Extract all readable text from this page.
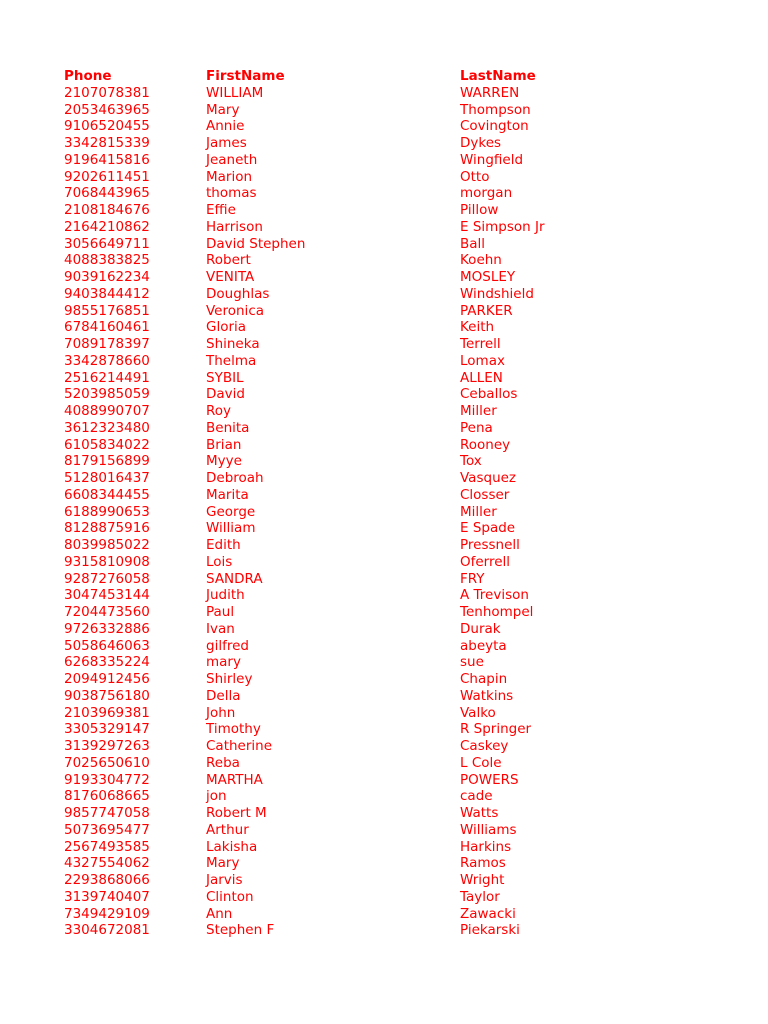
Phone	FirstName	LastName
2107078381	WILLIAM	WARREN
2053463965	Mary	Thompson
9106520455	Annie	Covington
3342815339	James	Dykes
9196415816	Jeaneth	Wingfield
9202611451	Marion	Otto
7068443965	thomas	morgan
2108184676	Effie	Pillow
2164210862	Harrison	E Simpson Jr
3056649711	David Stephen	Ball
4088383825	Robert	Koehn
9039162234	VENITA	MOSLEY
9403844412	Doughlas	Windshield
9855176851	Veronica	PARKER
6784160461	Gloria	Keith
7089178397	Shineka	Terrell
3342878660	Thelma	Lomax
2516214491	SYBIL	ALLEN
5203985059	David	Ceballos
4088990707	Roy	Miller
3612323480	Benita	Pena
6105834022	Brian	Rooney
8179156899	Myye	Tox
5128016437	Debroah	Vasquez
6608344455	Marita	Closser
6188990653	George	Miller
8128875916	William	E Spade
8039985022	Edith	Pressnell
9315810908	Lois	Oferrell
9287276058	SANDRA	FRY
3047453144	Judith	A Trevison
7204473560	Paul	Tenhompel
9726332886	Ivan	Durak
5058646063	gilfred	abeyta
6268335224	mary	sue
2094912456	Shirley	Chapin
9038756180	Della	Watkins
2103969381	John	Valko
3305329147	Timothy	R Springer
3139297263	Catherine	Caskey
7025650610	Reba	L Cole
9193304772	MARTHA	POWERS
8176068665	jon	cade
9857747058	Robert M	Watts
5073695477	Arthur	Williams
2567493585	Lakisha	Harkins
4327554062	Mary	Ramos
2293868066	Jarvis	Wright
3139740407	Clinton	Taylor
7349429109	Ann	Zawacki
3304672081	Stephen F	Piekarski
